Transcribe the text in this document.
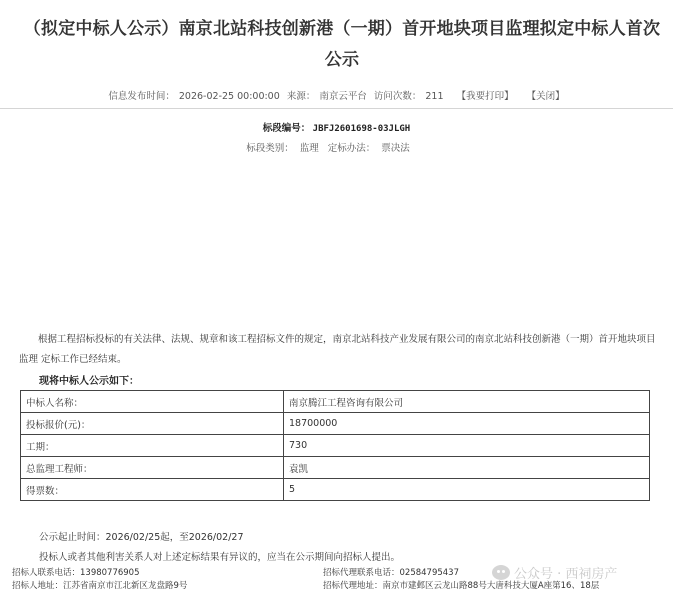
（拟定中标人公示）南京北站科技创新港（一期）首开地块项目监理拟定中标人首次公示
信息发布时间： 2026-02-25 00:00:00 来源： 南京云平台 访问次数： 211 【我要打印】 【关闭】
标段编号： JBFJ2601698-03JLGH
标段类别： 监理 定标办法： 票决法
根据工程招标投标的有关法律、法规、规章和该工程招标文件的规定，南京北站科技产业发展有限公司的南京北站科技创新港（一期）首开地块项目 监理 定标工作已经结束。
现将中标人公示如下：
中标人名称：	南京腾江工程咨询有限公司
投标报价(元)：	18700000
工期：	730
总监理工程师：	袁凯
得票数：	5
公示起止时间：2026/02/25起，至2026/02/27
投标人或者其他利害关系人对上述定标结果有异议的，应当在公示期间向招标人提出。
招标人联系电话：13980776905	招标代理联系电话：02584795437
招标人地址：江苏省南京市江北新区龙盘路9号	招标代理地址：南京市建邺区云龙山路88号大唐科技大厦A座第16、18层
公众号 · 西祠房产
